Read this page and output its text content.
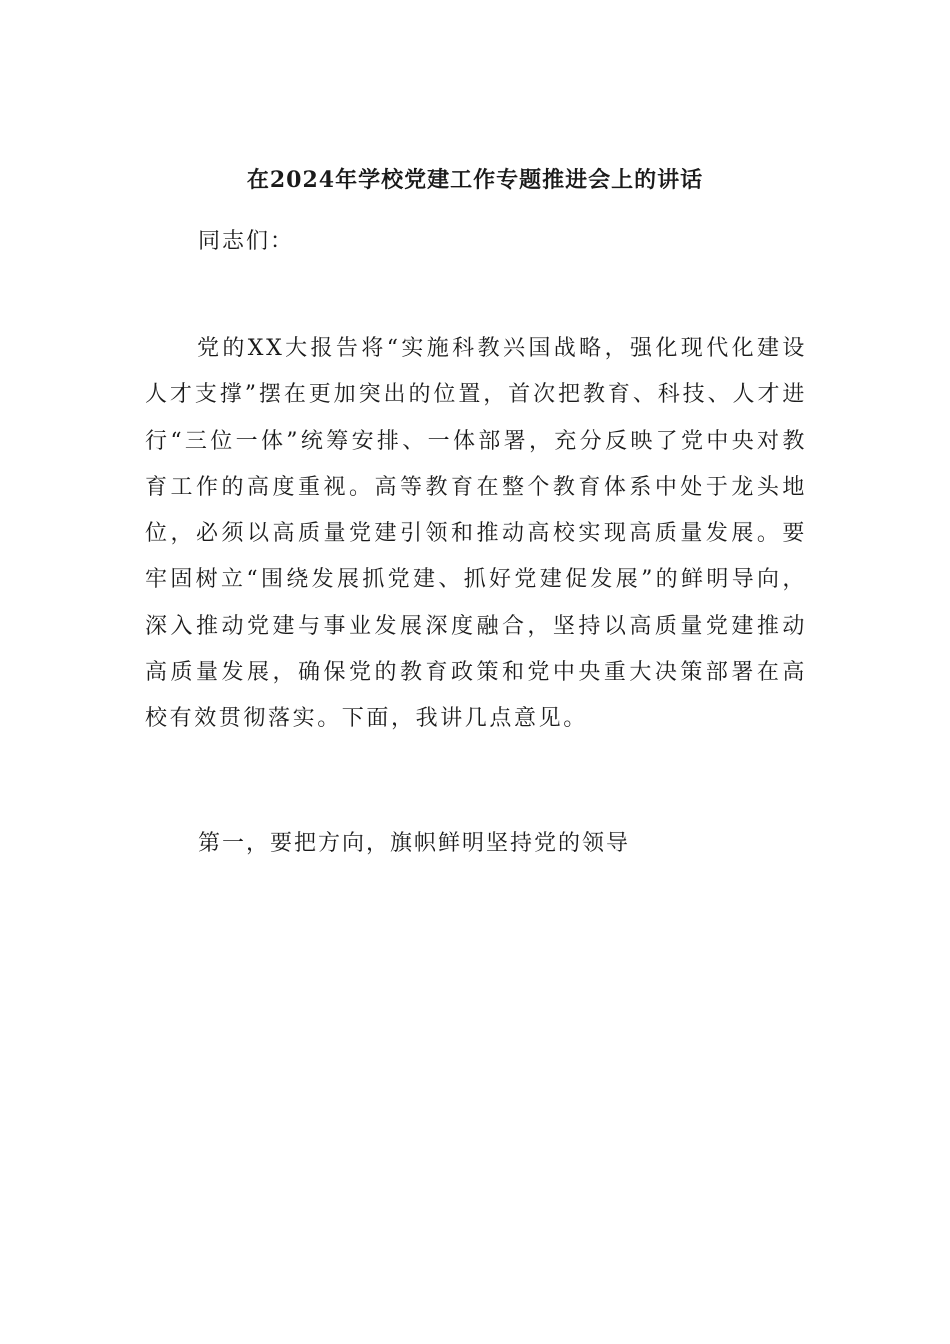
在2024年学校党建工作专题推进会上的讲话
同志们：

党的XX大报告将“实施科教兴国战略，强化现代化建设人才支撑”摆在更加突出的位置，首次把教育、科技、人才进行“三位一体”统筹安排、一体部署，充分反映了党中央对教育工作的高度重视。高等教育在整个教育体系中处于龙头地位，必须以高质量党建引领和推动高校实现高质量发展。要牢固树立“围绕发展抓党建、抓好党建促发展”的鲜明导向，深入推动党建与事业发展深度融合，坚持以高质量党建推动高质量发展，确保党的教育政策和党中央重大决策部署在高校有效贯彻落实。下面，我讲几点意见。

第一，要把方向，旗帜鲜明坚持党的领导
